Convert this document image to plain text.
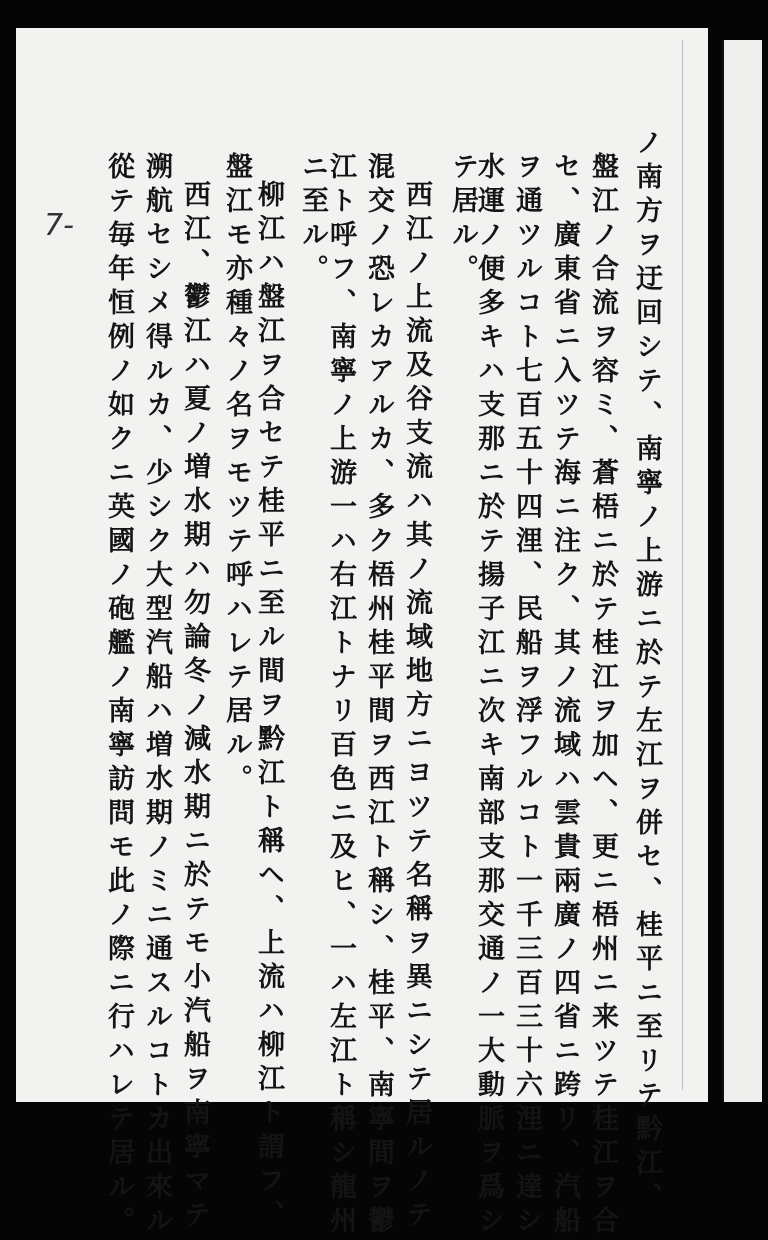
7-	ノ南方ヲ迂回シテ、南寧ノ上游ニ於テ左江ヲ併セ、桂平ニ至リテ黔江、
盤江ノ合流ヲ容ミ、蒼梧ニ於テ桂江ヲ加ヘ、更ニ梧州ニ来ツテ桂江ヲ合
セ、廣東省ニ入ツテ海ニ注ク、其ノ流域ハ雲貴兩廣ノ四省ニ跨リ、汽船
ヲ通ツルコト七百五十四浬、民船ヲ浮フルコト一千三百三十六浬ニ達シ
水運ノ便多キハ支那ニ於テ揚子江ニ次キ南部支那交通ノ一大動脈ヲ爲シ
テ居ル。
西江ノ上流及谷支流ハ其ノ流域地方ニヨツテ名稱ヲ異ニシテ居ルノテ
混交ノ恐レカアルカ、多ク梧州桂平間ヲ西江ト稱シ、桂平、南寧間ヲ鬱
江ト呼フ、南寧ノ上游一ハ右江トナリ百色ニ及ヒ、一ハ左江ト稱シ龍州
ニ至ル。
柳江ハ盤江ヲ合セテ桂平ニ至ル間ヲ黔江ト稱ヘ、上流ハ柳江ト謂フ、
盤江モ亦種々ノ名ヲモツテ呼ハレテ居ル。
西江、鬱江ハ夏ノ増水期ハ勿論冬ノ減水期ニ於テモ小汽船ヲ南寧マテ
溯航セシメ得ルカ、少シク大型汽船ハ増水期ノミニ通スルコトカ出來ル
從テ毎年恒例ノ如クニ英國ノ砲艦ノ南寧訪問モ此ノ際ニ行ハレテ居ル。
